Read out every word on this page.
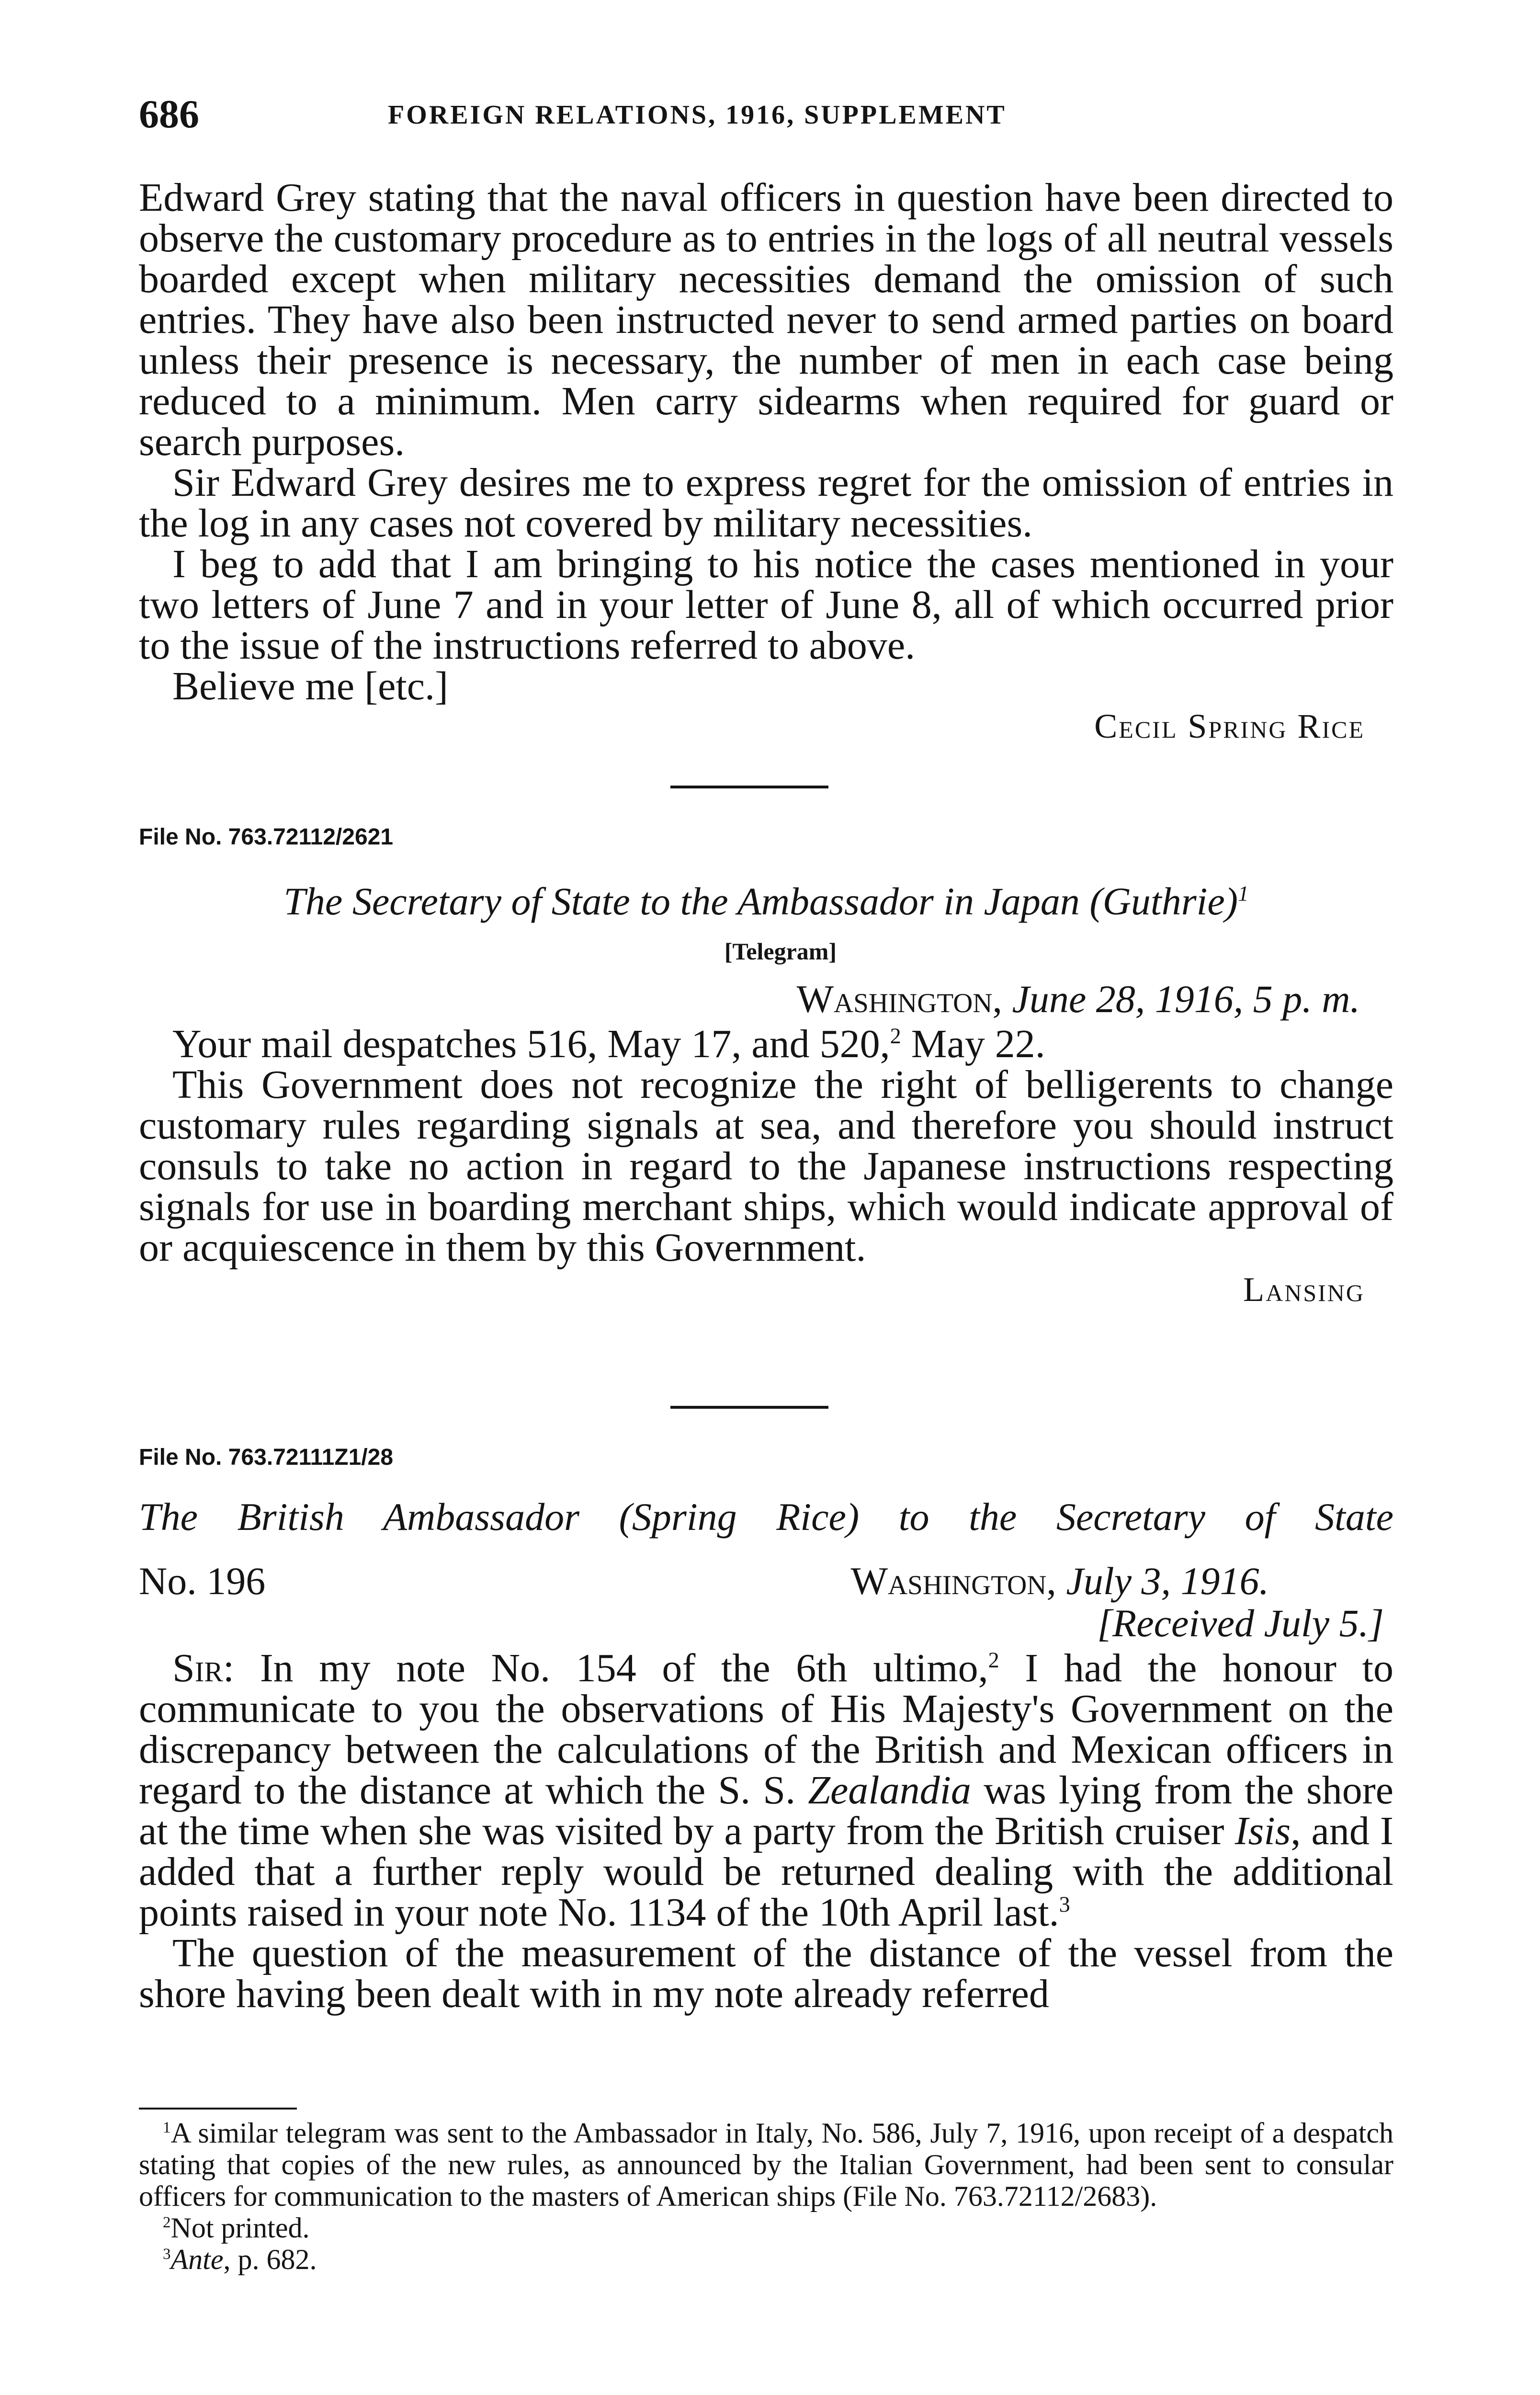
686	FOREIGN RELATIONS, 1916, SUPPLEMENT

Edward Grey stating that the naval officers in question have been directed to observe the customary procedure as to entries in the logs of all neutral vessels boarded except when military necessities demand the omission of such entries. They have also been instructed never to send armed parties on board unless their presence is necessary, the number of men in each case being reduced to a minimum. Men carry sidearms when required for guard or search purposes.

Sir Edward Grey desires me to express regret for the omission of entries in the log in any cases not covered by military necessities.

I beg to add that I am bringing to his notice the cases mentioned in your two letters of June 7 and in your letter of June 8, all of which occurred prior to the issue of the instructions referred to above.

Believe me [etc.]

Cecil Spring Rice

File No. 763.72112/2621

The Secretary of State to the Ambassador in Japan (Guthrie)$^1$

[Telegram]

Washington, June 28, 1916, 5 p. m.

Your mail despatches 516, May 17, and 520,$^2$ May 22.

This Government does not recognize the right of belligerents to change customary rules regarding signals at sea, and therefore you should instruct consuls to take no action in regard to the Japanese instructions respecting signals for use in boarding merchant ships, which would indicate approval of or acquiescence in them by this Government.

Lansing

File No. 763.72111Z1/28

The British Ambassador (Spring Rice) to the Secretary of State

No. 196	Washington, July 3, 1916.

[Received July 5.]

Sir: In my note No. 154 of the 6th ultimo,$^2$ I had the honour to communicate to you the observations of His Majesty's Government on the discrepancy between the calculations of the British and Mexican officers in regard to the distance at which the S. S. Zealandia was lying from the shore at the time when she was visited by a party from the British cruiser Isis, and I added that a further reply would be returned dealing with the additional points raised in your note No. 1134 of the 10th April last.$^3$

The question of the measurement of the distance of the vessel from the shore having been dealt with in my note already referred

$^1$A similar telegram was sent to the Ambassador in Italy, No. 586, July 7, 1916, upon receipt of a despatch stating that copies of the new rules, as announced by the Italian Government, had been sent to consular officers for communication to the masters of American ships (File No. 763.72112/2683).

$^2$Not printed.

$^3$Ante, p. 682.
